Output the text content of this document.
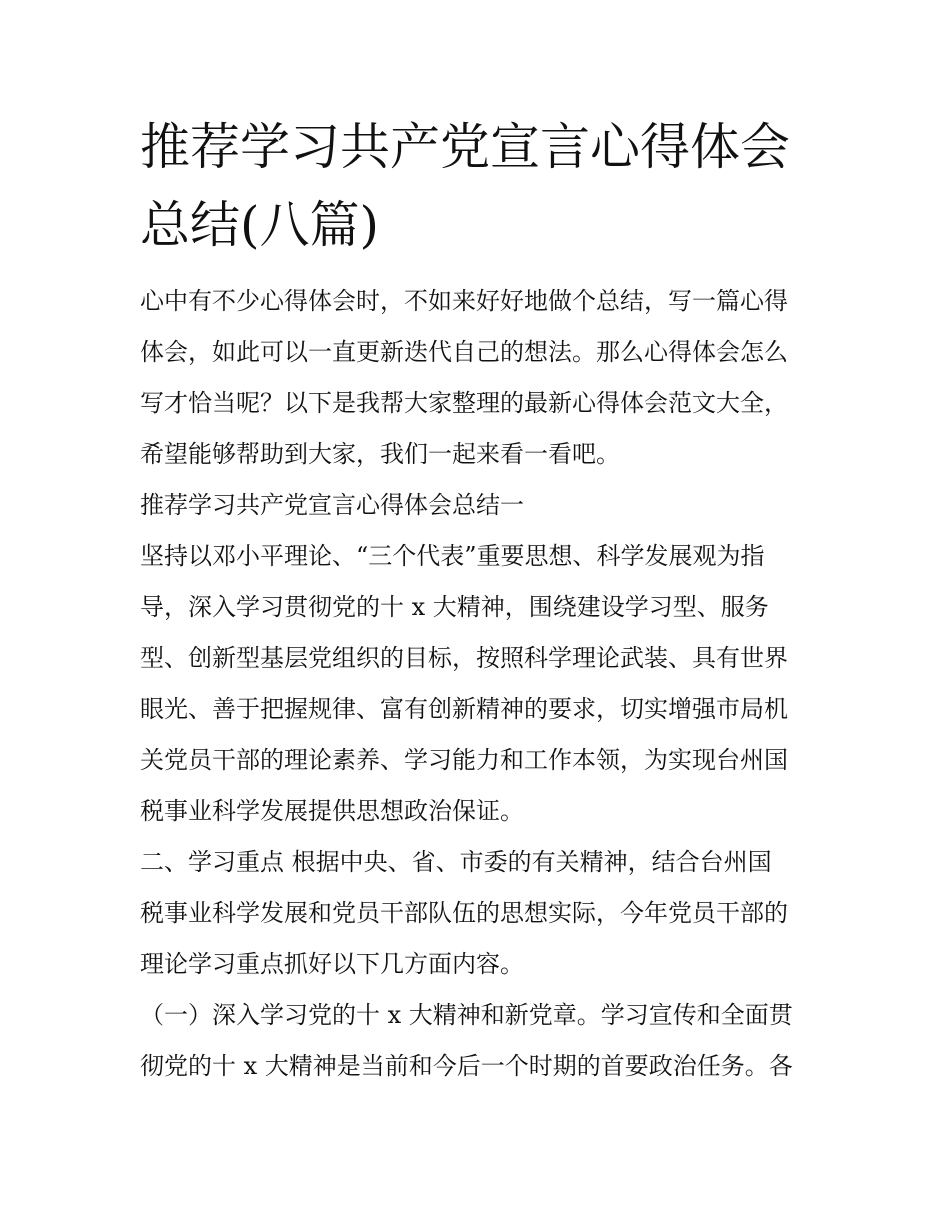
推荐学习共产党宣言心得体会
总结(八篇)

心中有不少心得体会时，不如来好好地做个总结，写一篇心得

体会，如此可以一直更新迭代自己的想法。那么心得体会怎么

写才恰当呢？以下是我帮大家整理的最新心得体会范文大全，

希望能够帮助到大家，我们一起来看一看吧。

推荐学习共产党宣言心得体会总结一

坚持以邓小平理论、“三个代表”重要思想、科学发展观为指

导，深入学习贯彻党的十 x 大精神，围绕建设学习型、服务

型、创新型基层党组织的目标，按照科学理论武装、具有世界

眼光、善于把握规律、富有创新精神的要求，切实增强市局机

关党员干部的理论素养、学习能力和工作本领，为实现台州国

税事业科学发展提供思想政治保证。

二、学习重点 根据中央、省、市委的有关精神，结合台州国

税事业科学发展和党员干部队伍的思想实际，今年党员干部的

理论学习重点抓好以下几方面内容。

（一）深入学习党的十 x 大精神和新党章。学习宣传和全面贯

彻党的十 x 大精神是当前和今后一个时期的首要政治任务。各
